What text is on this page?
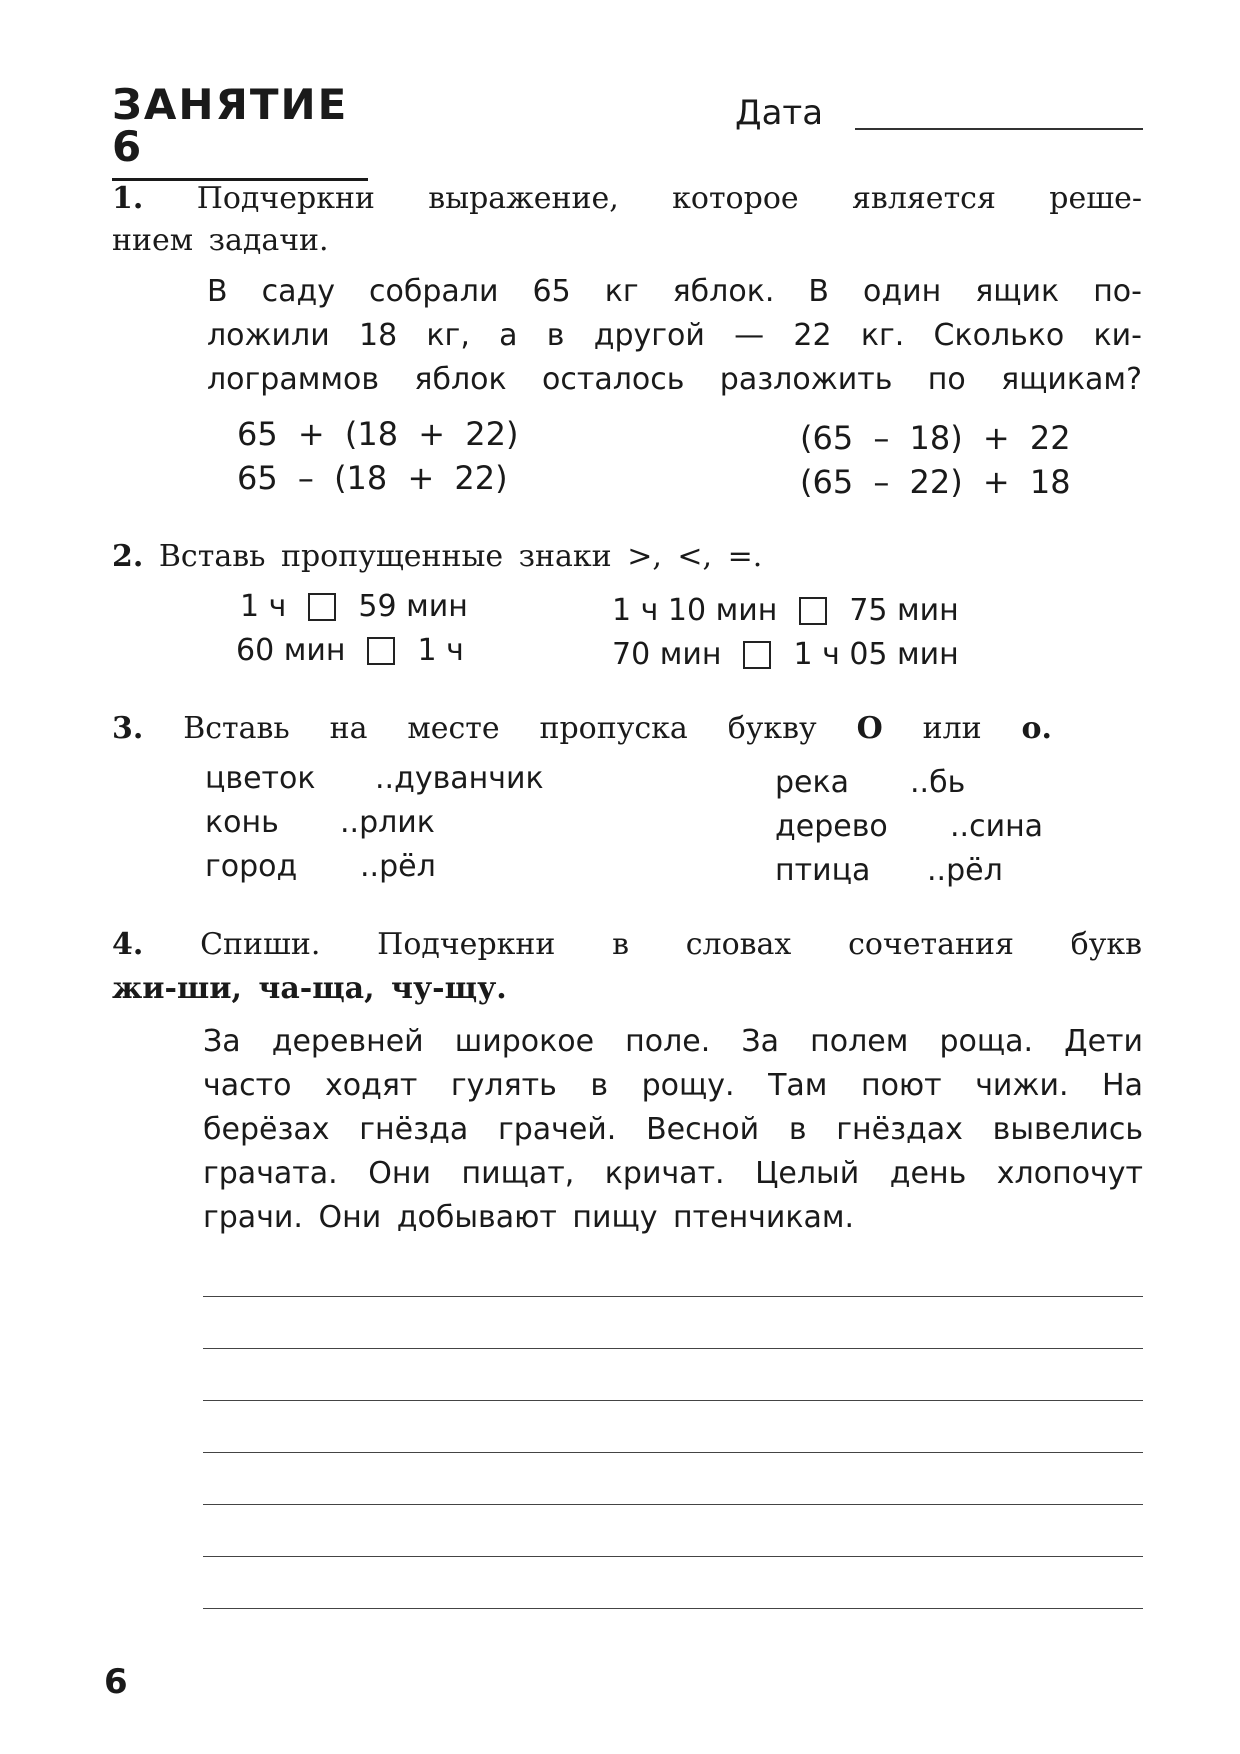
ЗАНЯТИЕ 6
Дата
1. Подчеркни выражение, которое является реше-
нием задачи.
В саду собрали 65 кг яблок. В один ящик по-
ложили 18 кг, а в другой — 22 кг. Сколько ки-
лограммов яблок осталось разложить по ящикам?
65 + (18 + 22)
65 – (18 + 22)
(65 – 18) + 22
(65 – 22) + 18
2. Вставь пропущенные знаки >, <, =.
1 ч 59 мин
60 мин 1 ч
1 ч 10 мин 75 мин
70 мин 1 ч 05 мин
3. Вставь на месте пропуска букву О или о.
цветок ..дуванчик
конь ..рлик
город ..рёл
река ..бь
дерево ..сина
птица ..рёл
4. Спиши. Подчеркни в словах сочетания букв
жи-ши, ча-ща, чу-щу.
За деревней широкое поле. За полем роща. Дети
часто ходят гулять в рощу. Там поют чижи. На
берёзах гнёзда грачей. Весной в гнёздах вывелись
грачата. Они пищат, кричат. Целый день хлопочут
грачи. Они добывают пищу птенчикам.
6
